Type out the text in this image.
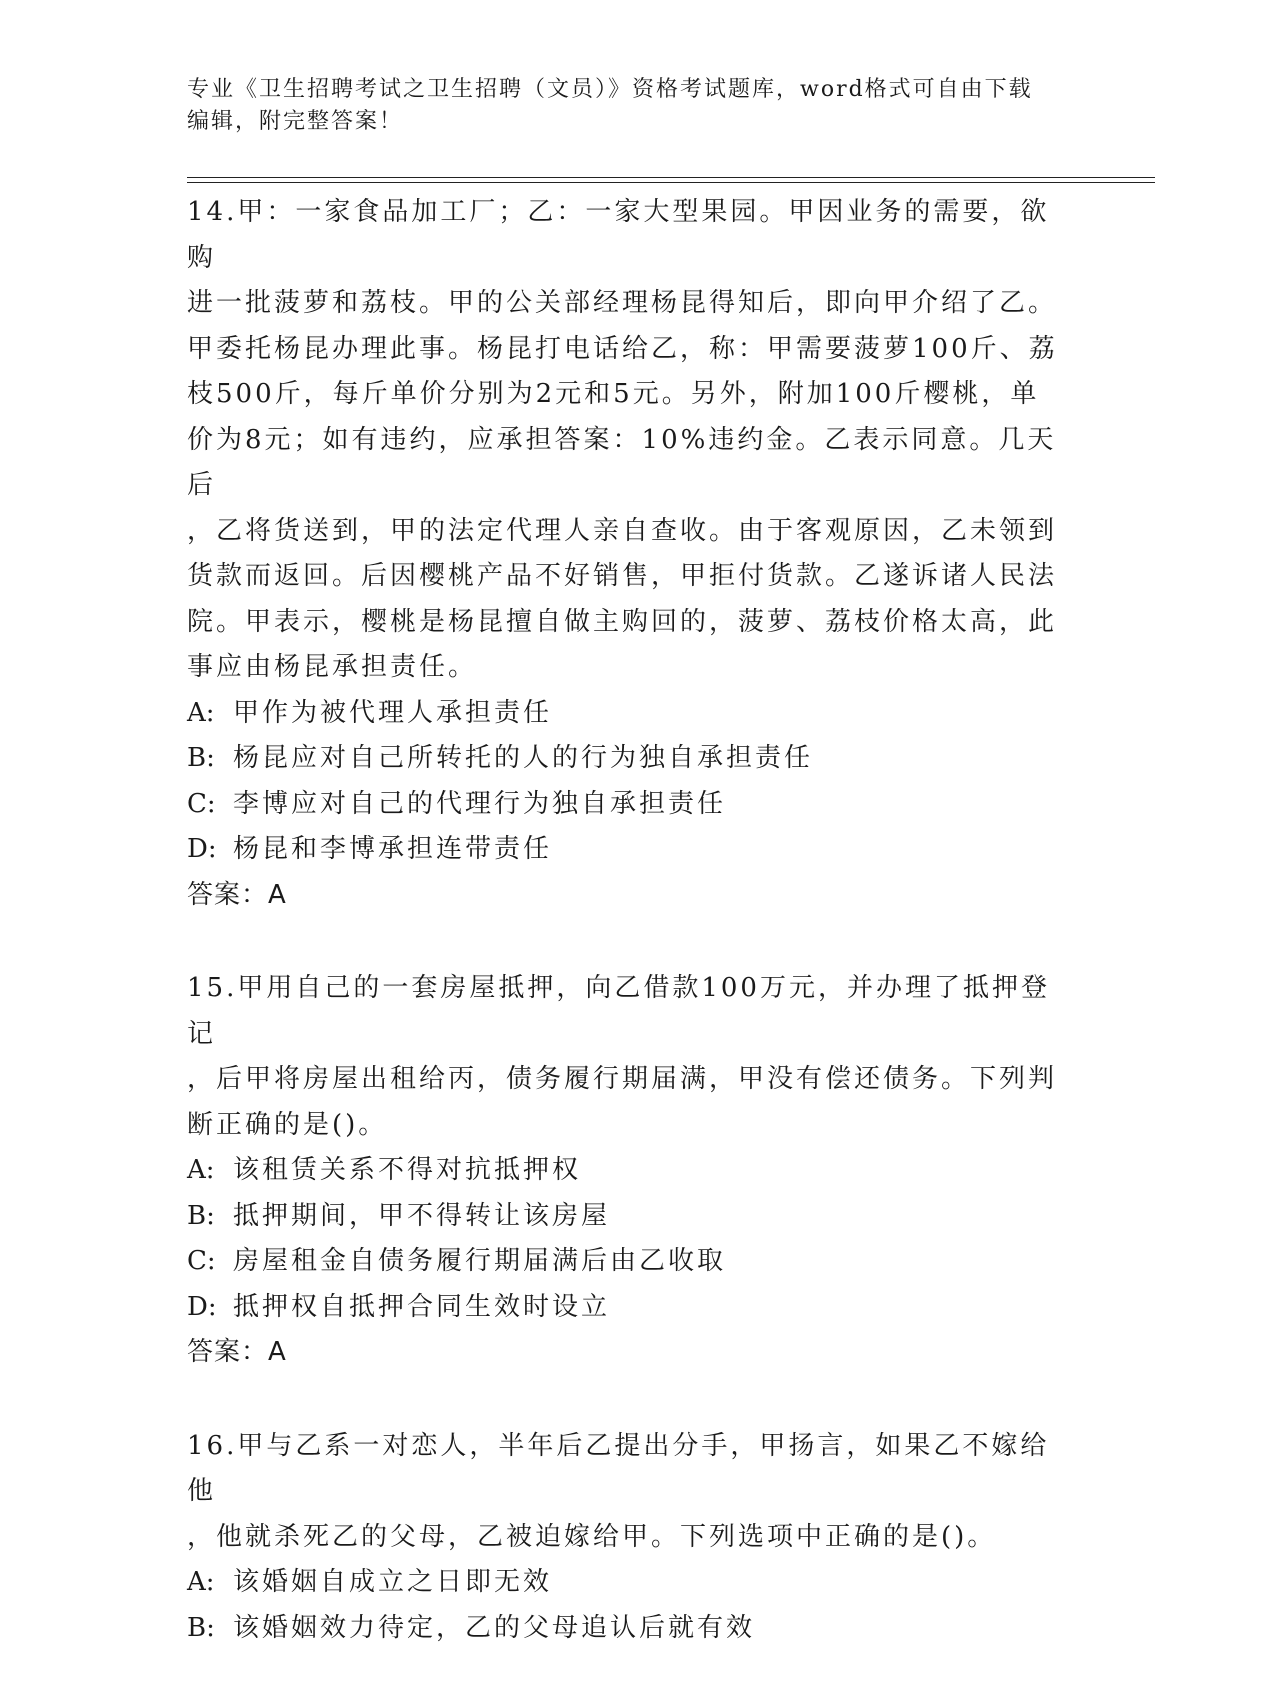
专业《卫生招聘考试之卫生招聘（文员）》资格考试题库，word格式可自由下载
编辑，附完整答案！
14.甲：一家食品加工厂；乙：一家大型果园。甲因业务的需要，欲购
进一批菠萝和荔枝。甲的公关部经理杨昆得知后，即向甲介绍了乙。
甲委托杨昆办理此事。杨昆打电话给乙，称：甲需要菠萝100斤、荔
枝500斤，每斤单价分别为2元和5元。另外，附加100斤樱桃，单
价为8元；如有违约，应承担答案：10%违约金。乙表示同意。几天后
，乙将货送到，甲的法定代理人亲自查收。由于客观原因，乙未领到
货款而返回。后因樱桃产品不好销售，甲拒付货款。乙遂诉诸人民法
院。甲表示，樱桃是杨昆擅自做主购回的，菠萝、荔枝价格太高，此
事应由杨昆承担责任。
A: 甲作为被代理人承担责任
B: 杨昆应对自己所转托的人的行为独自承担责任
C: 李博应对自己的代理行为独自承担责任
D: 杨昆和李博承担连带责任
答案：A
15.甲用自己的一套房屋抵押，向乙借款100万元，并办理了抵押登记
，后甲将房屋出租给丙，债务履行期届满，甲没有偿还债务。下列判
断正确的是()。
A: 该租赁关系不得对抗抵押权
B: 抵押期间，甲不得转让该房屋
C: 房屋租金自债务履行期届满后由乙收取
D: 抵押权自抵押合同生效时设立
答案：A
16.甲与乙系一对恋人，半年后乙提出分手，甲扬言，如果乙不嫁给他
，他就杀死乙的父母，乙被迫嫁给甲。下列选项中正确的是()。
A: 该婚姻自成立之日即无效
B: 该婚姻效力待定，乙的父母追认后就有效
